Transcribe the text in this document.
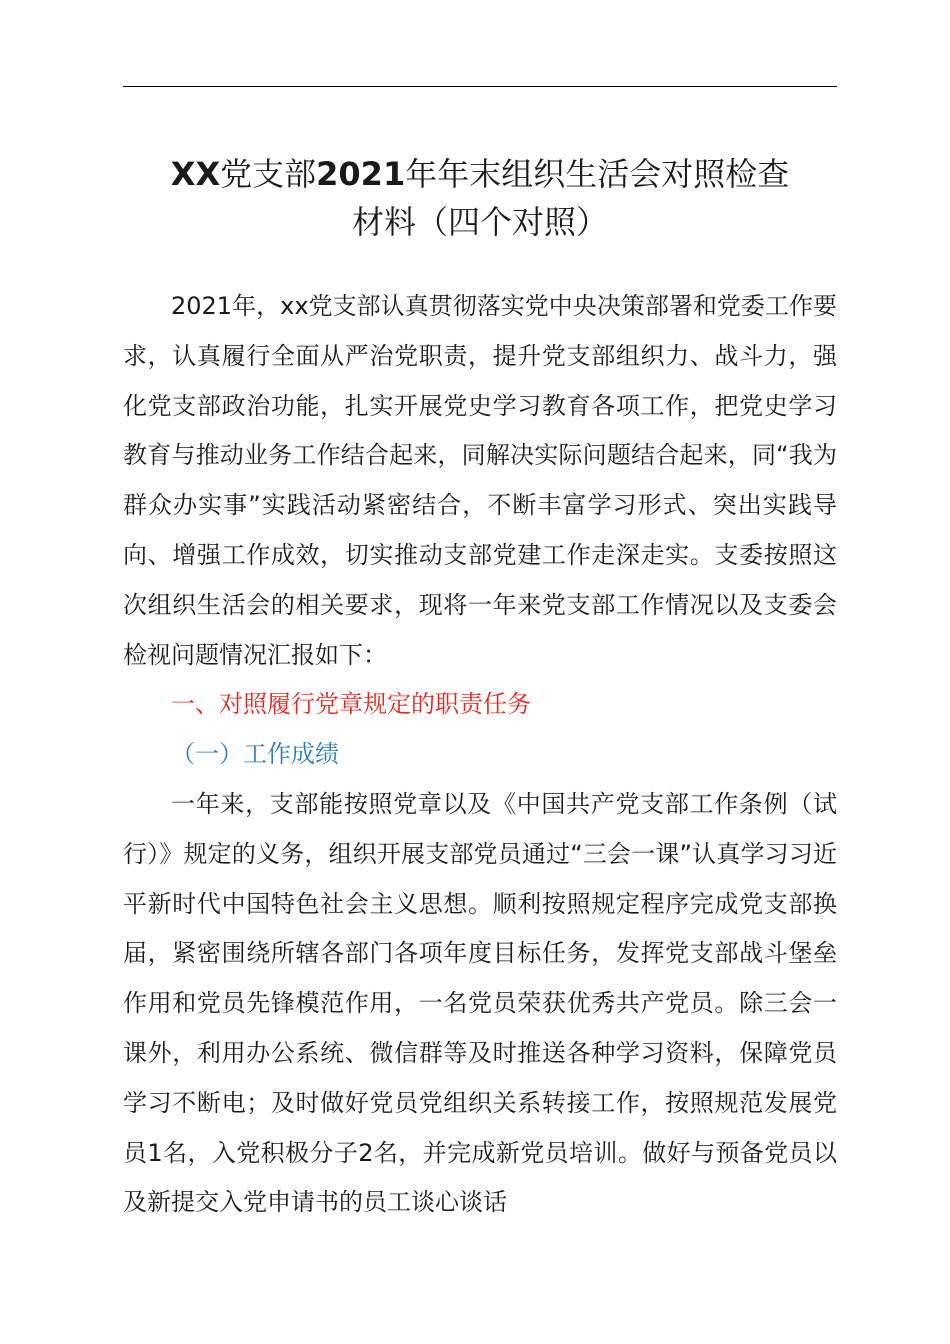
XX党支部2021年年末组织生活会对照检查
材料（四个对照）

2021年，xx党支部认真贯彻落实党中央决策部署和党委工作要求，认真履行全面从严治党职责，提升党支部组织力、战斗力，强化党支部政治功能，扎实开展党史学习教育各项工作，把党史学习教育与推动业务工作结合起来，同解决实际问题结合起来，同“我为群众办实事”实践活动紧密结合，不断丰富学习形式、突出实践导向、增强工作成效，切实推动支部党建工作走深走实。支委按照这次组织生活会的相关要求，现将一年来党支部工作情况以及支委会检视问题情况汇报如下：

一、对照履行党章规定的职责任务

（一）工作成绩

一年来，支部能按照党章以及《中国共产党支部工作条例（试行）》规定的义务，组织开展支部党员通过“三会一课”认真学习习近平新时代中国特色社会主义思想。顺利按照规定程序完成党支部换届，紧密围绕所辖各部门各项年度目标任务，发挥党支部战斗堡垒作用和党员先锋模范作用，一名党员荣获优秀共产党员。除三会一课外，利用办公系统、微信群等及时推送各种学习资料，保障党员学习不断电；及时做好党员党组织关系转接工作，按照规范发展党员1名，入党积极分子2名，并完成新党员培训。做好与预备党员以及新提交入党申请书的员工谈心谈话
